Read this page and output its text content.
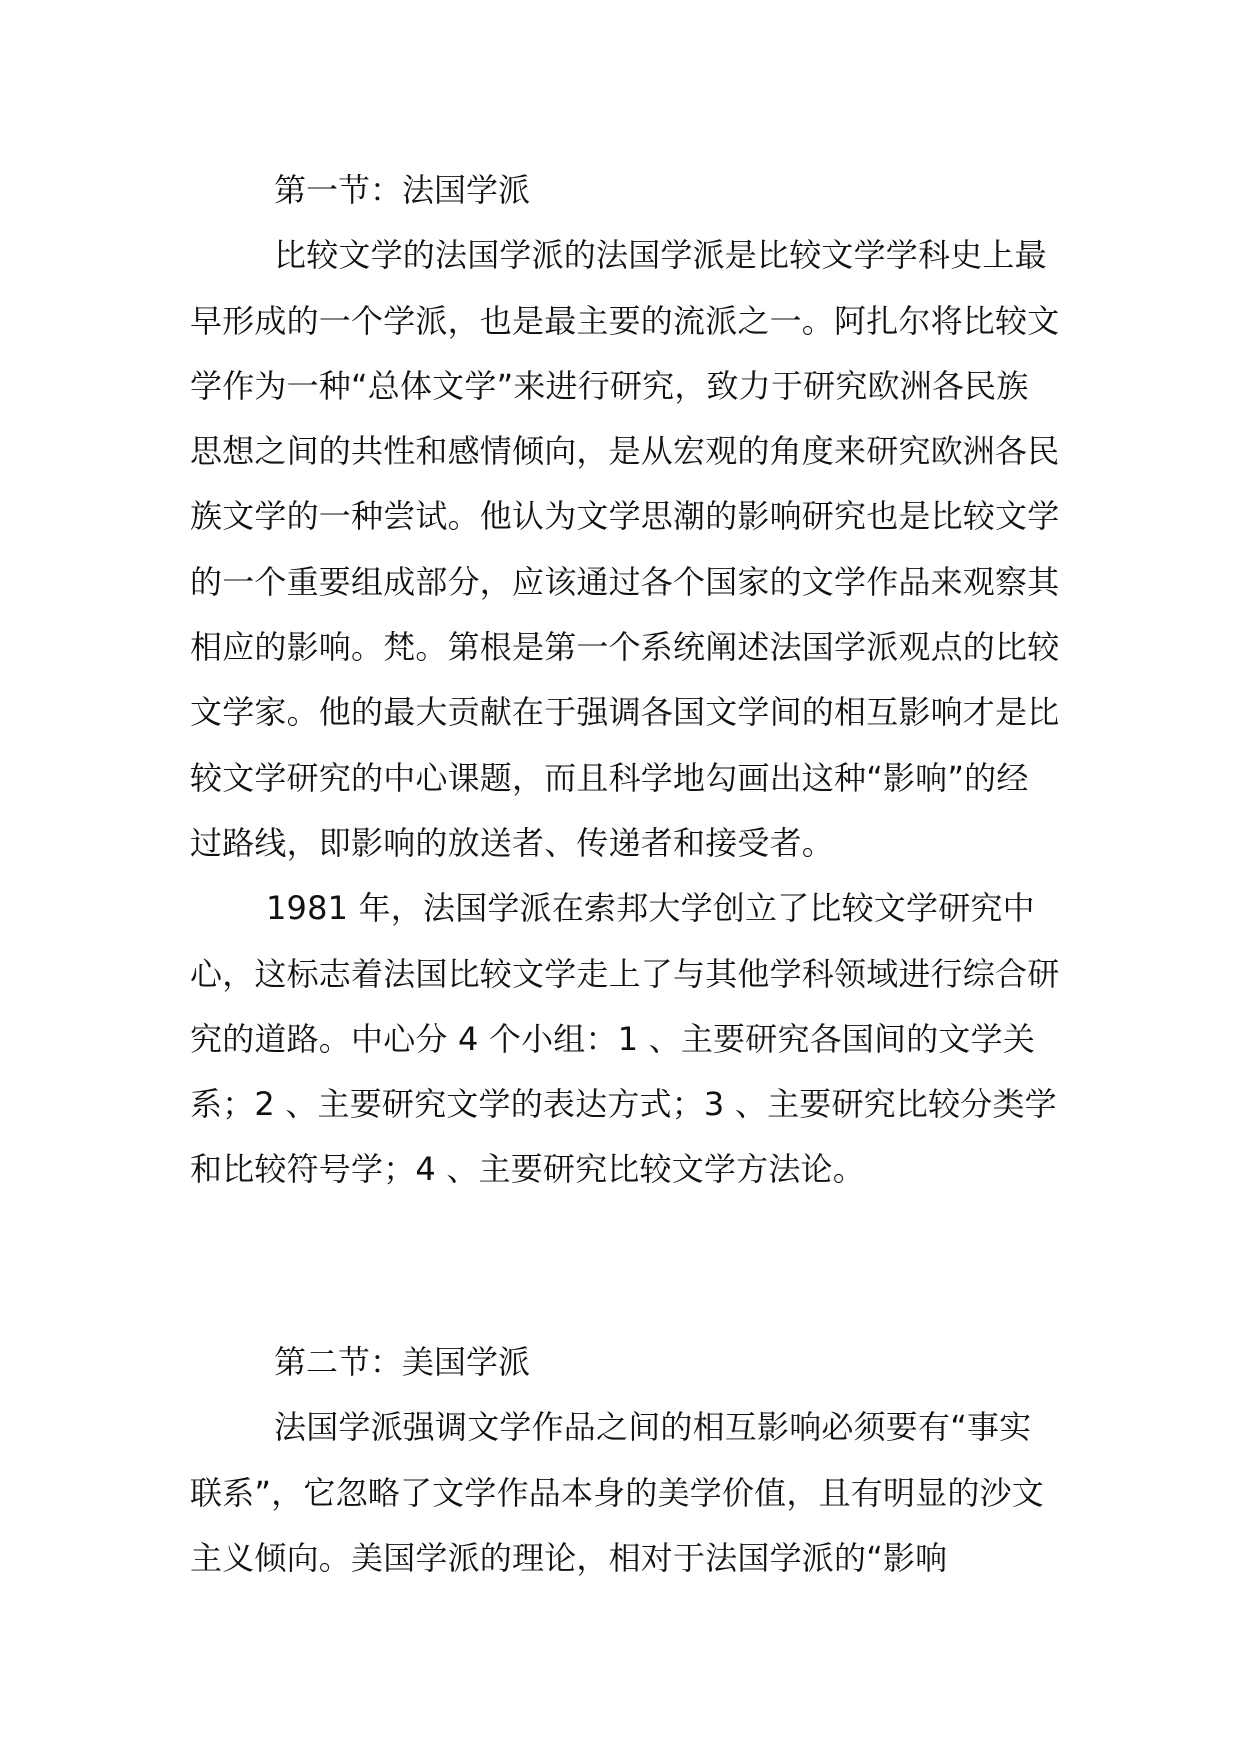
第一节：法国学派

比较文学的法国学派的法国学派是比较文学学科史上最早形成的一个学派，也是最主要的流派之一。阿扎尔将比较文学作为一种“总体文学”来进行研究，致力于研究欧洲各民族思想之间的共性和感情倾向，是从宏观的角度来研究欧洲各民族文学的一种尝试。他认为文学思潮的影响研究也是比较文学的一个重要组成部分，应该通过各个国家的文学作品来观察其相应的影响。梵。第根是第一个系统阐述法国学派观点的比较文学家。他的最大贡献在于强调各国文学间的相互影响才是比较文学研究的中心课题，而且科学地勾画出这种“影响”的经过路线，即影响的放送者、传递者和接受者。

1981 年，法国学派在索邦大学创立了比较文学研究中心，这标志着法国比较文学走上了与其他学科领域进行综合研究的道路。中心分 4 个小组：1 、主要研究各国间的文学关系；2 、主要研究文学的表达方式；3 、主要研究比较分类学和比较符号学；4 、主要研究比较文学方法论。

第二节：美国学派

法国学派强调文学作品之间的相互影响必须要有“事实联系”，它忽略了文学作品本身的美学价值，且有明显的沙文主义倾向。美国学派的理论，相对于法国学派的“影响
